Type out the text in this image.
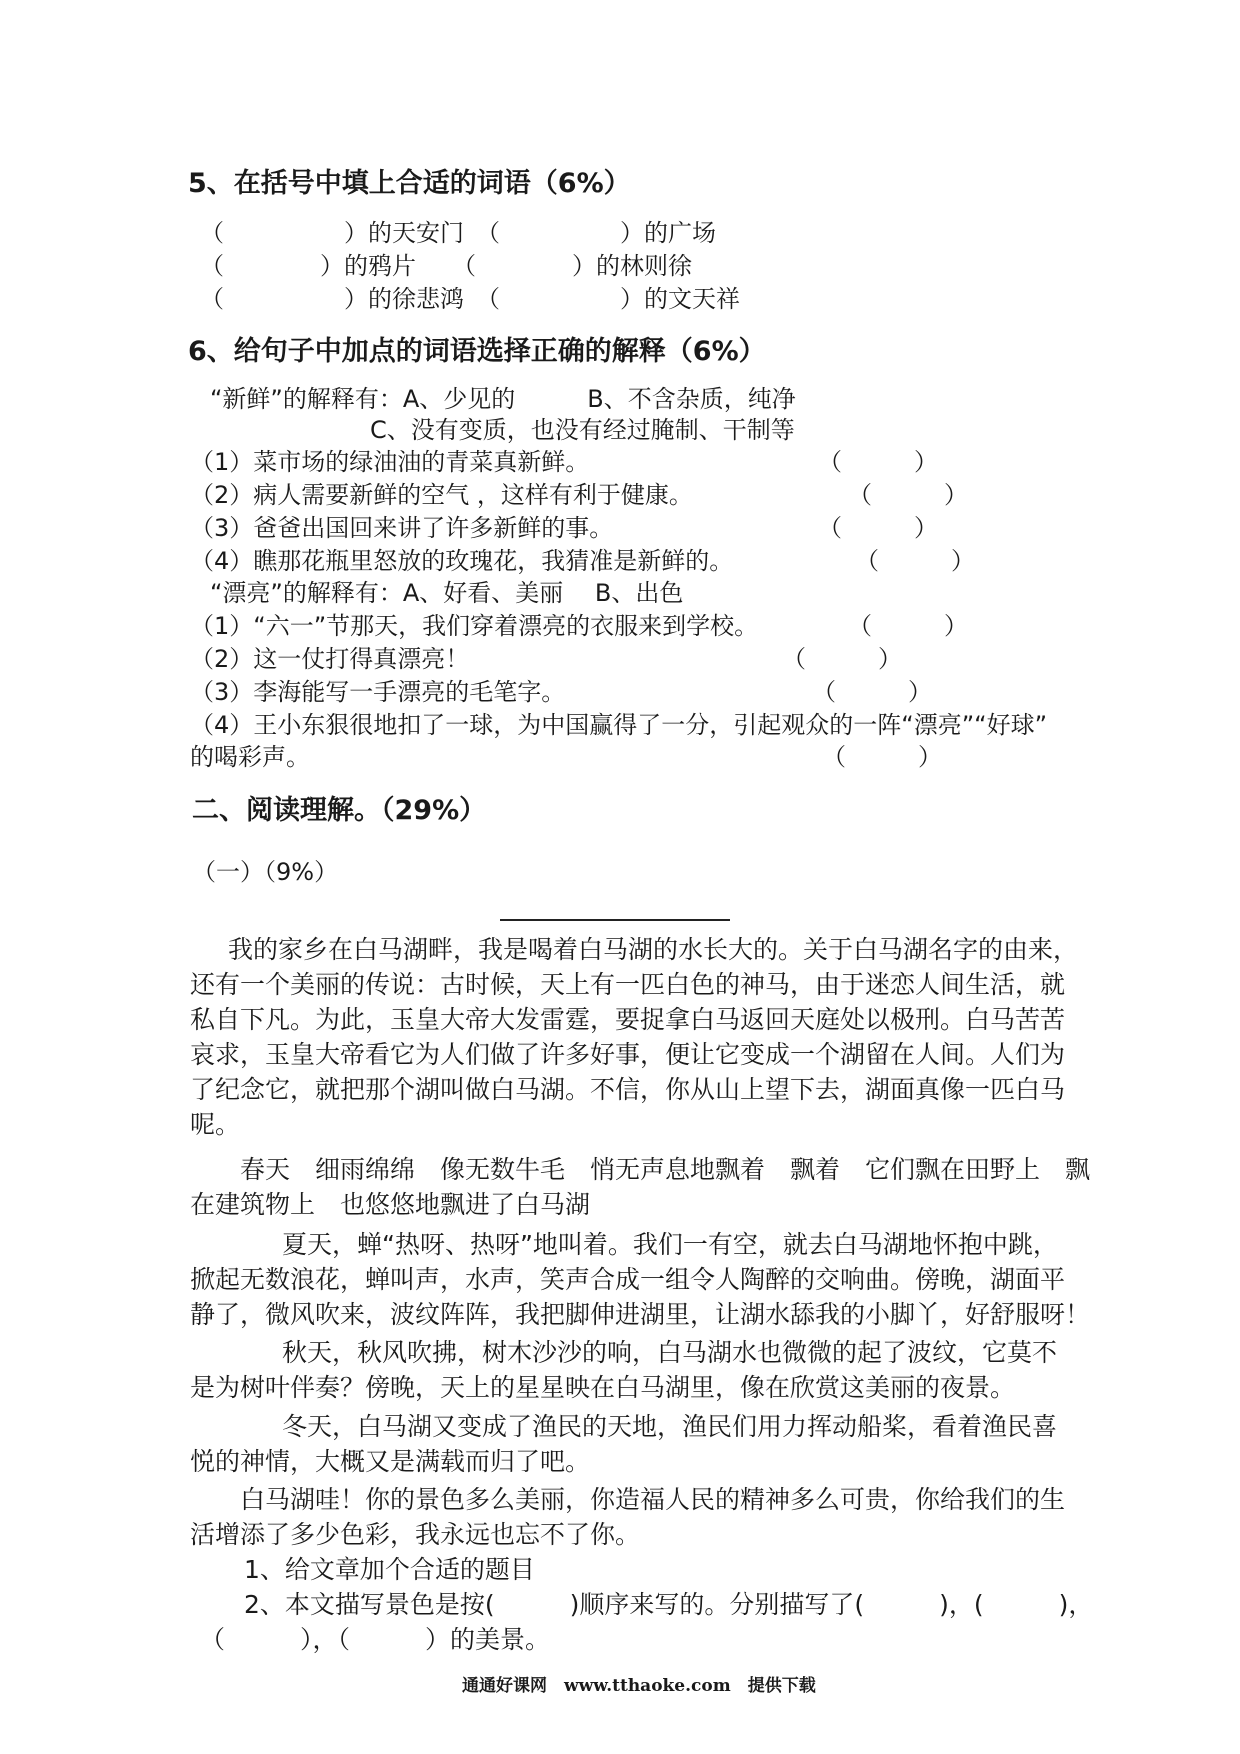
5、在括号中填上合适的词语（6%）
（　　　　　）的天安门　（　　　　　）的广场
（　　　　）的鸦片　　（　　　　）的林则徐
（　　　　　）的徐悲鸿　（　　　　　）的文天祥
6、给句子中加点的词语选择正确的解释（6%）
“新鲜”的解释有：A、少见的　　　B、不含杂质，纯净
C、没有变质，也没有经过腌制、干制等
（1）菜市场的绿油油的青菜真新鲜。	（　　　）
（2）病人需要新鲜的空气 ，这样有利于健康。	（　　　）
（3）爸爸出国回来讲了许多新鲜的事。	（　　　）
（4）瞧那花瓶里怒放的玫瑰花，我猜准是新鲜的。	（　　　）
“漂亮”的解释有：A、好看、美丽　 B、出色
（1）“六一”节那天，我们穿着漂亮的衣服来到学校。	（　　　）
（2）这一仗打得真漂亮！	（　　　）
（3）李海能写一手漂亮的毛笔字。	（　　　）
（4）王小东狠很地扣了一球，为中国赢得了一分，引起观众的一阵“漂亮”“好球”
的喝彩声。	（　　　）
二、阅读理解。（29%）
（一）（9%）
我的家乡在白马湖畔，我是喝着白马湖的水长大的。关于白马湖名字的由来，
还有一个美丽的传说：古时候，天上有一匹白色的神马，由于迷恋人间生活，就
私自下凡。为此，玉皇大帝大发雷霆，要捉拿白马返回天庭处以极刑。白马苦苦
哀求，玉皇大帝看它为人们做了许多好事，便让它变成一个湖留在人间。人们为
了纪念它，就把那个湖叫做白马湖。不信，你从山上望下去，湖面真像一匹白马
呢。
春天　细雨绵绵　像无数牛毛　悄无声息地飘着　飘着　它们飘在田野上　飘
在建筑物上　也悠悠地飘进了白马湖
夏天，蝉“热呀、热呀”地叫着。我们一有空，就去白马湖地怀抱中跳，
掀起无数浪花，蝉叫声，水声，笑声合成一组令人陶醉的交响曲。傍晚，湖面平
静了，微风吹来，波纹阵阵，我把脚伸进湖里，让湖水舔我的小脚丫，好舒服呀！
秋天，秋风吹拂，树木沙沙的响，白马湖水也微微的起了波纹，它莫不
是为树叶伴奏？傍晚，天上的星星映在白马湖里，像在欣赏这美丽的夜景。
冬天，白马湖又变成了渔民的天地，渔民们用力挥动船桨，看着渔民喜
悦的神情，大概又是满载而归了吧。
白马湖哇！你的景色多么美丽，你造福人民的精神多么可贵，你给我们的生
活增添了多少色彩，我永远也忘不了你。
1、给文章加个合适的题目
2、本文描写景色是按(　　　)顺序来写的。分别描写了(　　　)，(　　　)，
（　　　），（　　　）的美景。
通通好课网　www.tthaoke.com　提供下载
